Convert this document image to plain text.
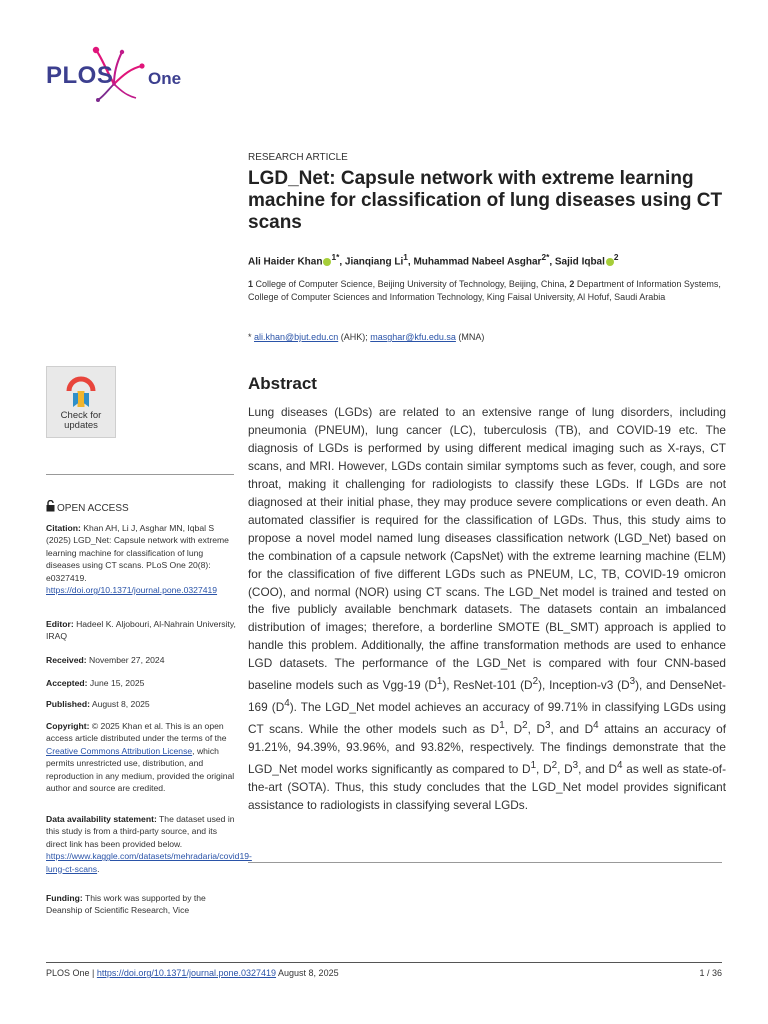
PLOS One
RESEARCH ARTICLE
LGD_Net: Capsule network with extreme learning machine for classification of lung diseases using CT scans
Ali Haider Khan $^{1*}$, Jianqiang Li$^1$, Muhammad Nabeel Asghar$^{2*}$, Sajid Iqbal $^2$
1 College of Computer Science, Beijing University of Technology, Beijing, China, 2 Department of Information Systems, College of Computer Sciences and Information Technology, King Faisal University, Al Hofuf, Saudi Arabia
* ali.khan@bjut.edu.cn (AHK); masghar@kfu.edu.sa (MNA)
Abstract

Lung diseases (LGDs) are related to an extensive range of lung disorders, including pneumonia (PNEUM), lung cancer (LC), tuberculosis (TB), and COVID-19 etc. The diagnosis of LGDs is performed by using different medical imaging such as X-rays, CT scans, and MRI. However, LGDs contain similar symptoms such as fever, cough, and sore throat, making it challenging for radiologists to classify these LGDs. If LGDs are not diagnosed at their initial phase, they may produce severe complications or even death. An automated classifier is required for the classification of LGDs. Thus, this study aims to propose a novel model named lung diseases classification network (LGD_Net) based on the combination of a capsule network (CapsNet) with the extreme learning machine (ELM) for the classification of five different LGDs such as PNEUM, LC, TB, COVID-19 omicron (COO), and normal (NOR) using CT scans. The LGD_Net model is trained and tested on the five publicly available benchmark datasets. The datasets contain an imbalanced distribution of images; therefore, a borderline SMOTE (BL_SMT) approach is applied to handle this problem. Additionally, the affine transformation methods are used to enhance LGD datasets. The performance of the LGD_Net is compared with four CNN-based baseline models such as Vgg-19 $(D^1)$, ResNet-101 $(D^2)$, Inception-v3 $(D^3)$, and DenseNet-169 $(D^4)$. The LGD_Net model achieves an accuracy of 99.71% in classifying LGDs using CT scans. While the other models such as $D^1$, $D^2$, $D^3$, and $D^4$ attains an accuracy of 91.21%, 94.39%, 93.96%, and 93.82%, respectively. The findings demonstrate that the LGD_Net model works significantly as compared to $D^1$, $D^2$, $D^3$, and $D^4$ as well as state-of-the-art (SOTA). Thus, this study concludes that the LGD_Net model provides significant assistance to radiologists in classifying several LGDs.

Check for updates
OPEN ACCESS
Citation: Khan AH, Li J, Asghar MN, Iqbal S (2025) LGD_Net: Capsule network with extreme learning machine for classification of lung diseases using CT scans. PLoS One 20(8): e0327419. https://doi.org/10.1371/journal.pone.0327419
Editor: Hadeel K. Aljobouri, Al-Nahrain University, IRAQ
Received: November 27, 2024
Accepted: June 15, 2025
Published: August 8, 2025
Copyright: © 2025 Khan et al. This is an open access article distributed under the terms of the Creative Commons Attribution License, which permits unrestricted use, distribution, and reproduction in any medium, provided the original author and source are credited.
Data availability statement: The dataset used in this study is from a third-party source, and its direct link has been provided below. https://www.kaggle.com/datasets/mehradaria/covid19-lung-ct-scans.
Funding: This work was supported by the Deanship of Scientific Research, Vice
PLOS One | https://doi.org/10.1371/journal.pone.0327419 August 8, 2025	1 / 36
